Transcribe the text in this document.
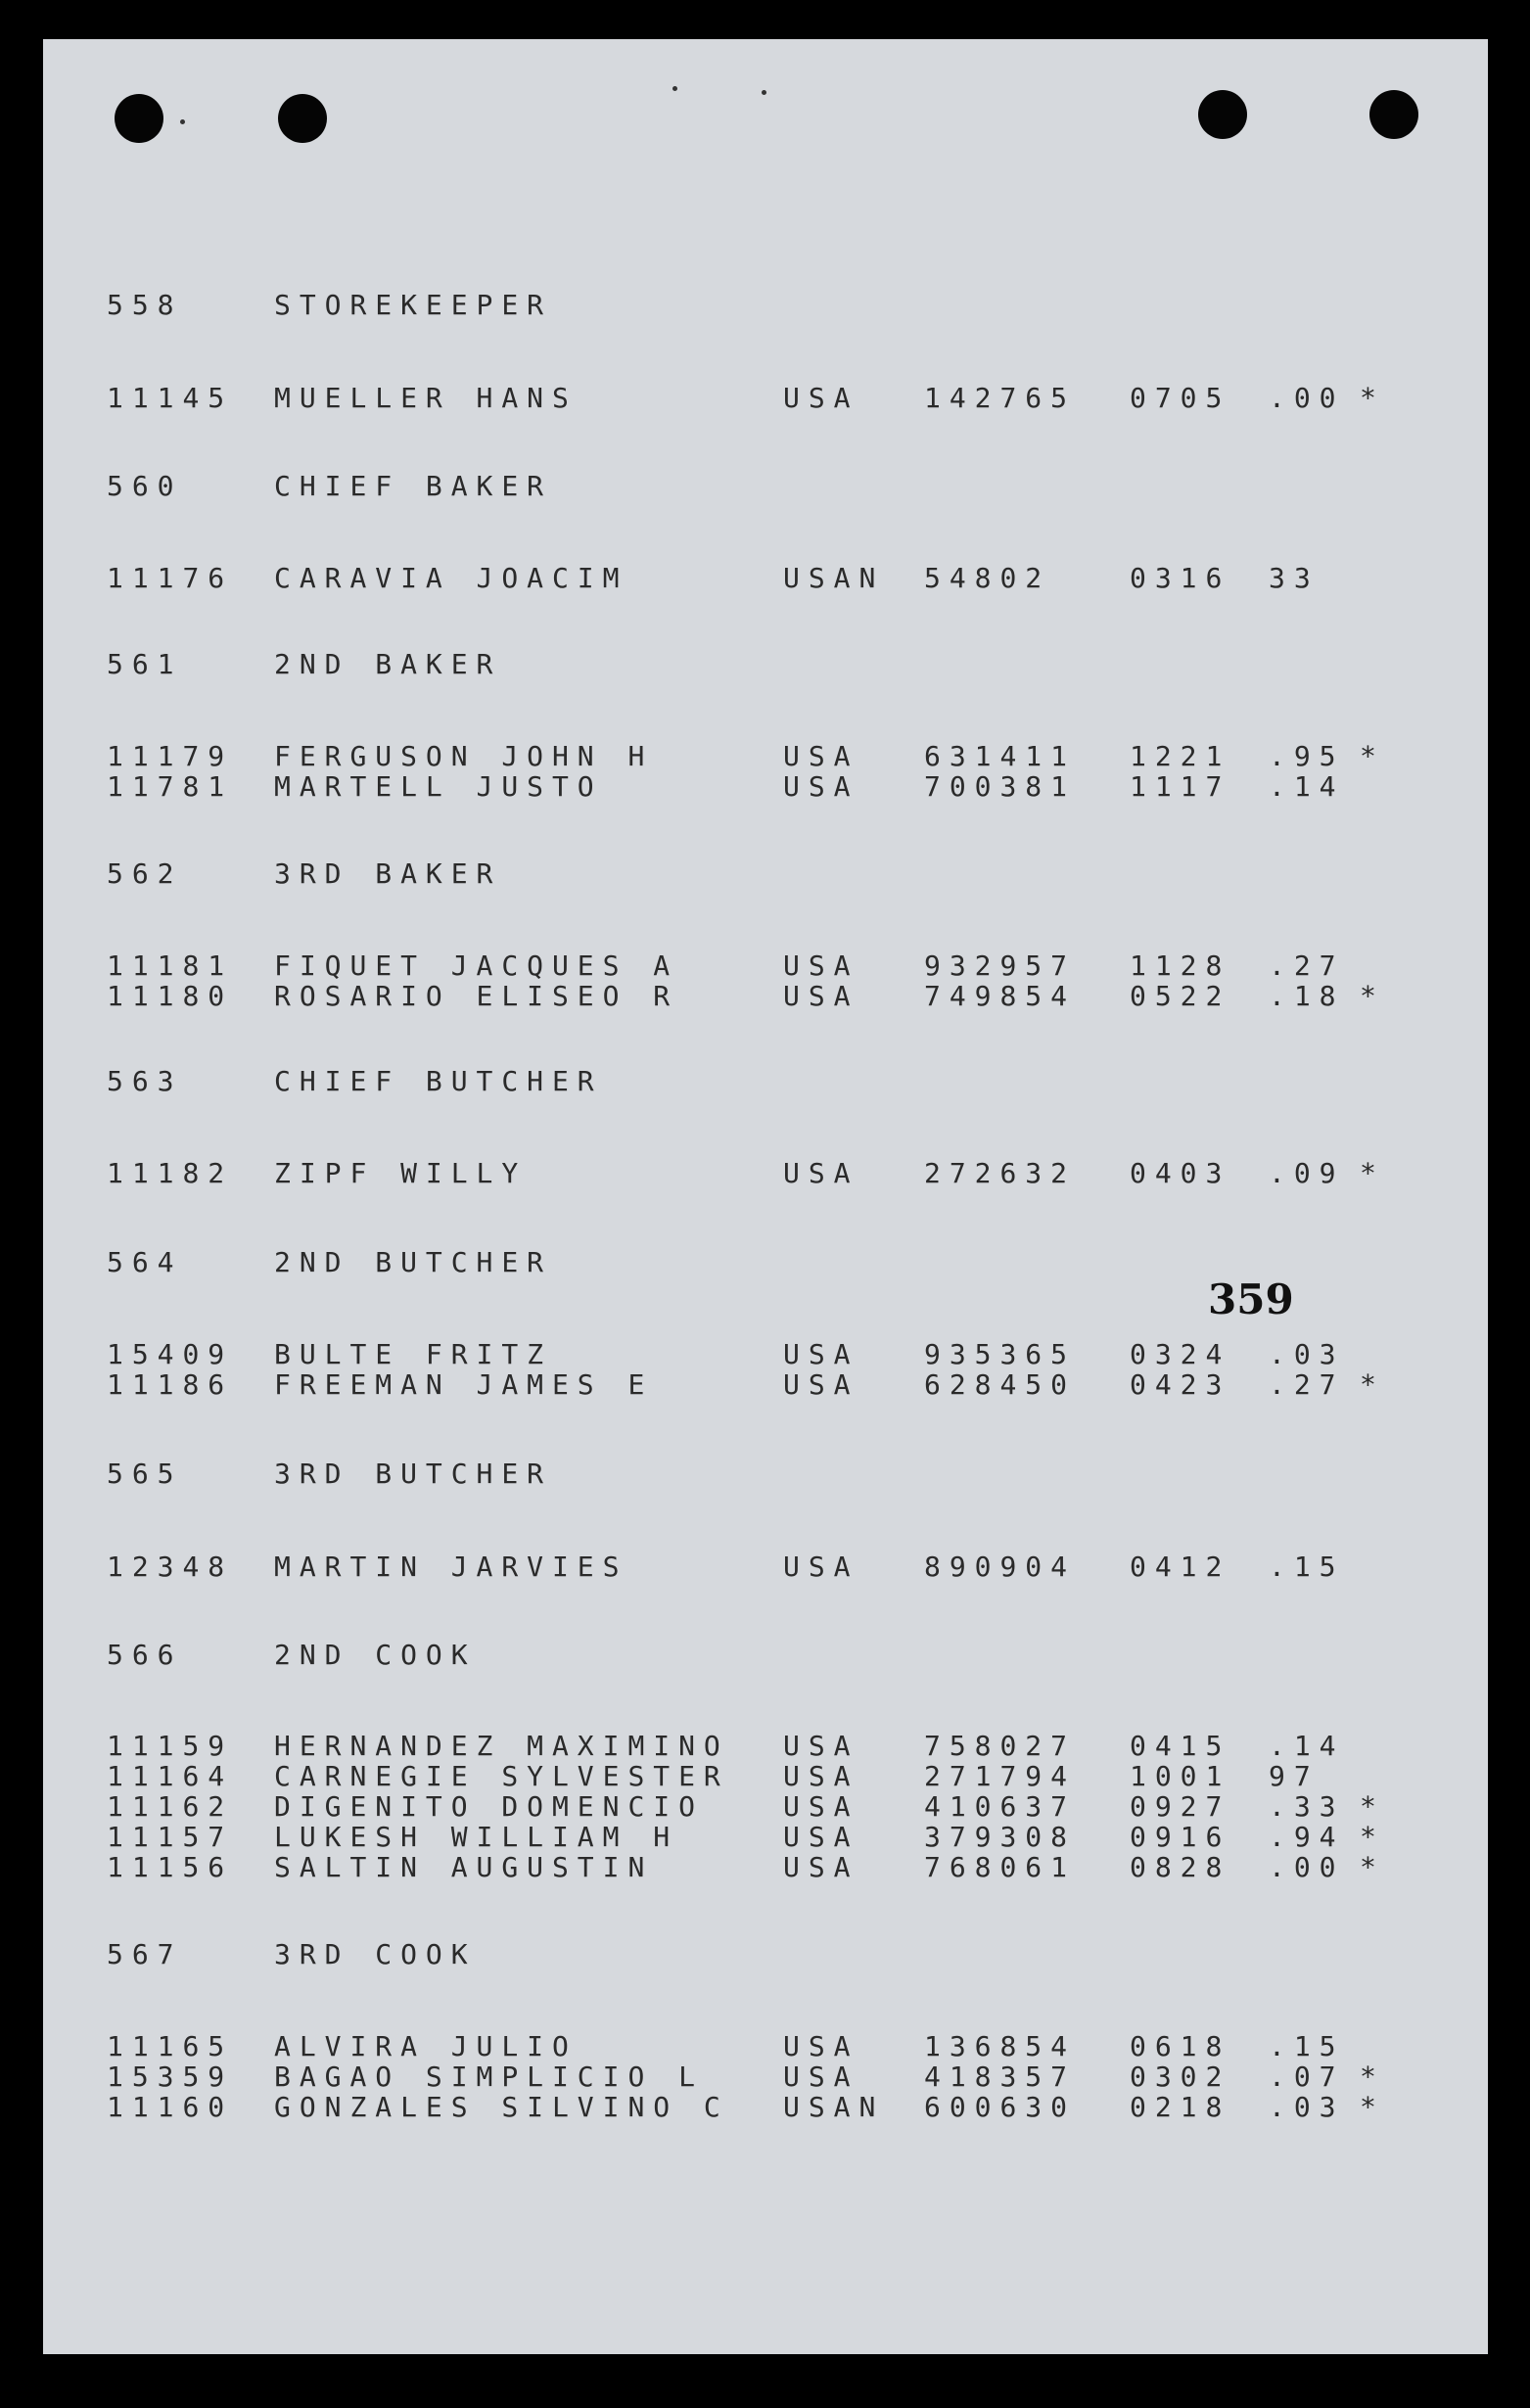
558	STOREKEEPER
11145 MUELLER HANS	USA 142765 0705 .00 *
560	CHIEF BAKER
11176 CARAVIA JOACIM	USAN 54802	0316 33
561	2ND BAKER
11179 FERGUSON JOHN H	USA 631411 1221 .95 *
11781 MARTELL JUSTO	USA 700381 1117 .14
562	3RD BAKER
11181 FIQUET JACQUES A	USA 932957 1128 .27
11180 ROSARIO ELISEO R	USA 749854 0522 .18 *
563	CHIEF BUTCHER
11182 ZIPF WILLY	USA 272632 0403 .09 *
564	2ND BUTCHER
15409 BULTE FRITZ	USA 935365 0324 .03
11186 FREEMAN JAMES E	USA 628450 0423 .27 *
565	3RD BUTCHER
12348 MARTIN JARVIES	USA 890904 0412 .15
566	2ND COOK
11159 HERNANDEZ MAXIMINO USA 758027 0415 .14
11164 CARNEGIE SYLVESTER USA 271794 1001 97
11162 DIGENITO DOMENCIO	USA 410637 0927 .33 *
11157 LUKESH WILLIAM H	USA 379308 0916 .94 *
11156 SALTIN AUGUSTIN	USA 768061 0828 .00 *
567	3RD COOK
11165 ALVIRA JULIO	USA 136854 0618 .15
15359 BAGAO SIMPLICIO L	USA 418357 0302 .07 *
11160 GONZALES SILVINO C USAN 600630 0218 .03 *
359
